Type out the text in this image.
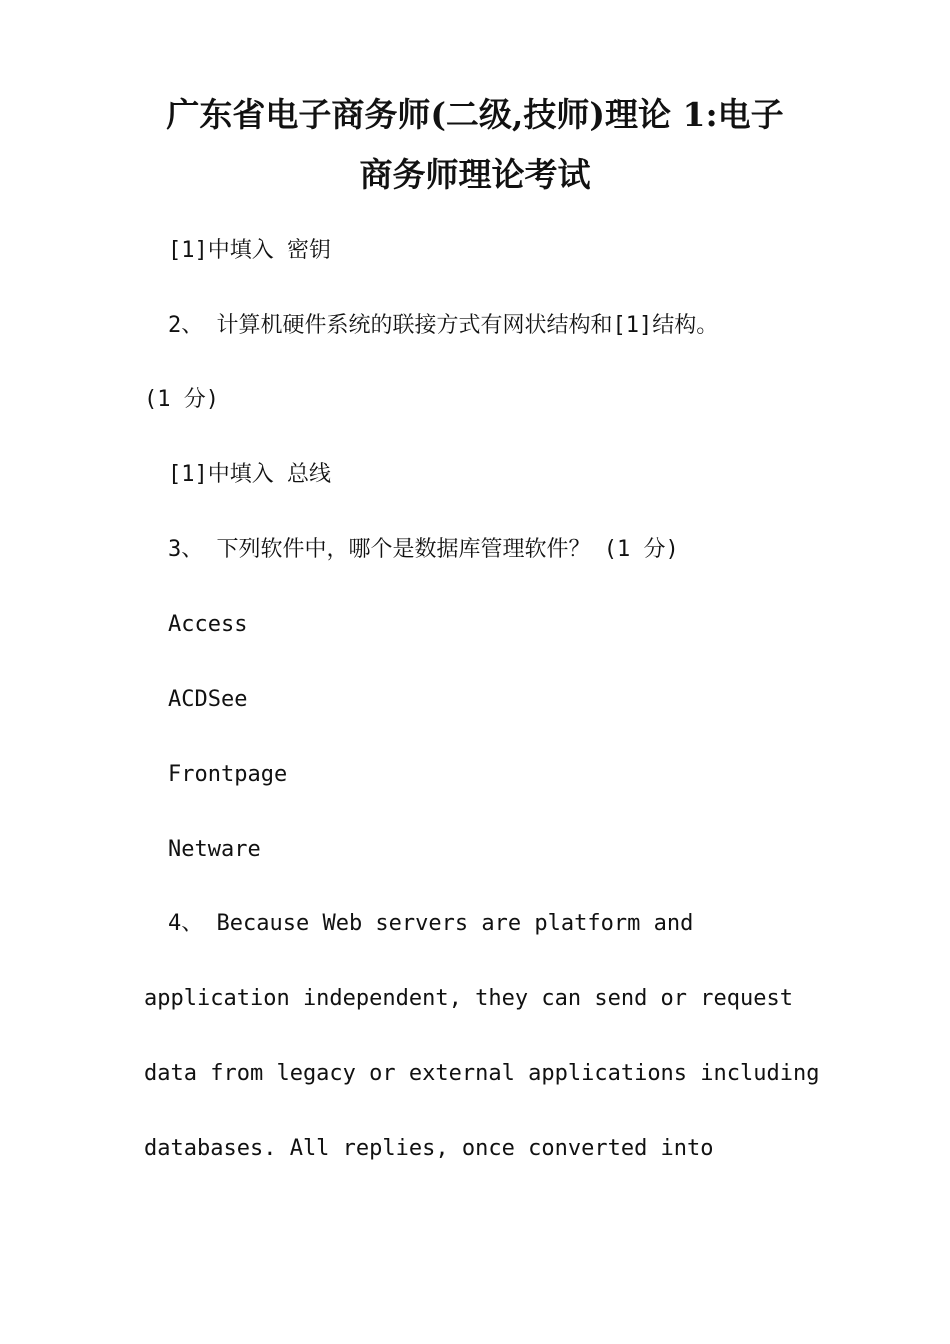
广东省电子商务师(二级,技师)理论 1:电子
商务师理论考试

[1]中填入 密钥

2、 计算机硬件系统的联接方式有网状结构和[1]结构。

(1 分)

[1]中填入 总线

3、 下列软件中，哪个是数据库管理软件？ (1 分)

Access

ACDSee

Frontpage

Netware

4、 Because Web servers are platform and

application independent, they can send or request

data from legacy or external applications including

databases. All replies, once converted into
